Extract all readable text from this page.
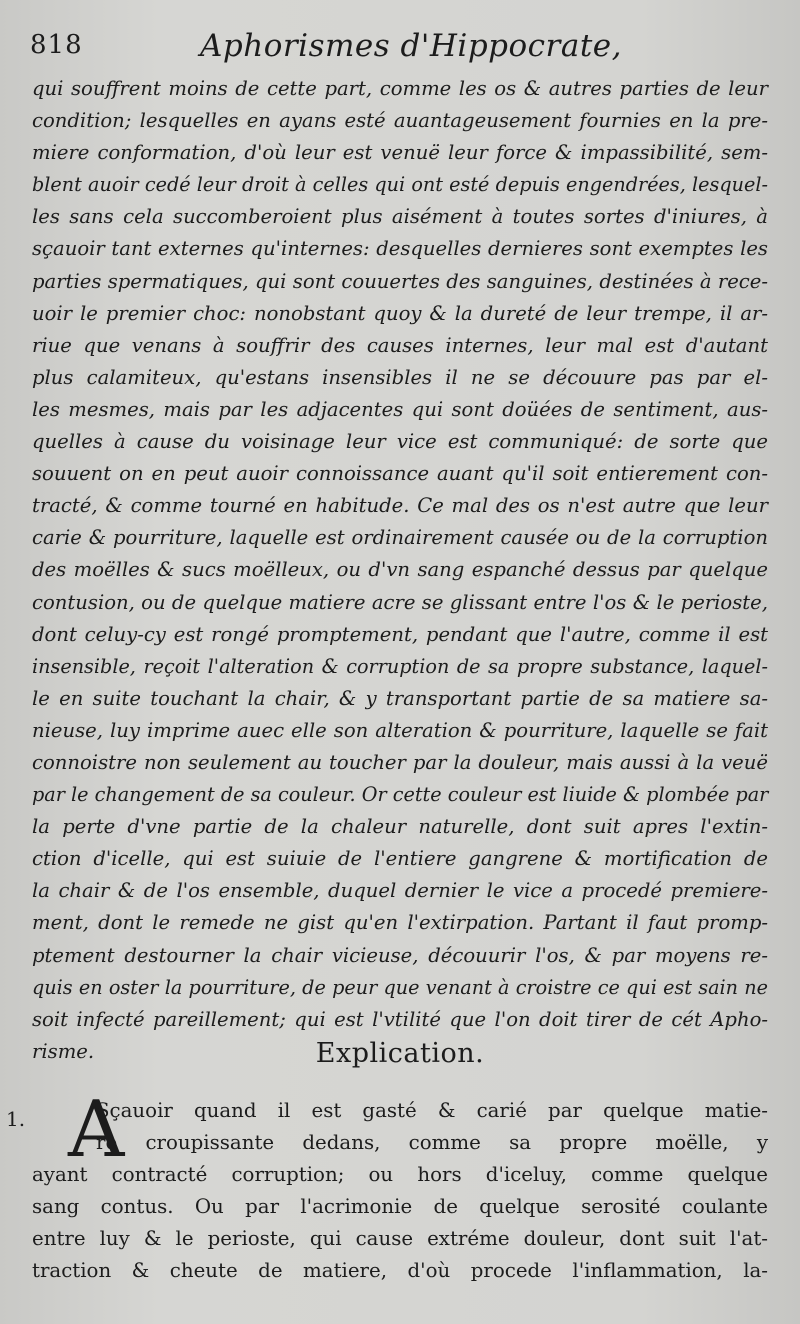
818	Aphorismes d'Hippocrate,
qui souffrent moins de cette part, comme les os & autres parties de leur
condition; lesquelles en ayans esté auantageusement fournies en la pre-
miere conformation, d'où leur est venuë leur force & impassibilité, sem-
blent auoir cedé leur droit à celles qui ont esté depuis engendrées, lesquel-
les sans cela succomberoient plus aisément à toutes sortes d'iniures, à
sçauoir tant externes qu'internes: desquelles dernieres sont exemptes les
parties spermatiques, qui sont couuertes des sanguines, destinées à rece-
uoir le premier choc: nonobstant quoy & la dureté de leur trempe, il ar-
riue que venans à souffrir des causes internes, leur mal est d'autant
plus calamiteux, qu'estans insensibles il ne se découure pas par el-
les mesmes, mais par les adjacentes qui sont doüées de sentiment, aus-
quelles à cause du voisinage leur vice est communiqué: de sorte que
souuent on en peut auoir connoissance auant qu'il soit entierement con-
tracté, & comme tourné en habitude. Ce mal des os n'est autre que leur
carie & pourriture, laquelle est ordinairement causée ou de la corruption
des moëlles & sucs moëlleux, ou d'vn sang espanché dessus par quelque
contusion, ou de quelque matiere acre se glissant entre l'os & le perioste,
dont celuy-cy est rongé promptement, pendant que l'autre, comme il est
insensible, reçoit l'alteration & corruption de sa propre substance, laquel-
le en suite touchant la chair, & y transportant partie de sa matiere sa-
nieuse, luy imprime auec elle son alteration & pourriture, laquelle se fait
connoistre non seulement au toucher par la douleur, mais aussi à la veuë
par le changement de sa couleur. Or cette couleur est liuide & plombée par
la perte d'vne partie de la chaleur naturelle, dont suit apres l'extin-
ction d'icelle, qui est suiuie de l'entiere gangrene & mortification de
la chair & de l'os ensemble, duquel dernier le vice a procedé premiere-
ment, dont le remede ne gist qu'en l'extirpation. Partant il faut promp-
ptement destourner la chair vicieuse, découurir l'os, & par moyens re-
quis en oster la pourriture, de peur que venant à croistre ce qui est sain ne
soit infecté pareillement; qui est l'vtilité que l'on doit tirer de cét Apho-
risme.	Explication.
1. A
Sçauoir quand il est gasté & carié par quelque matie-
re croupissante dedans, comme sa propre moëlle, y
ayant contracté corruption; ou hors d'iceluy, comme quelque
sang contus. Ou par l'acrimonie de quelque serosité coulante
entre luy & le perioste, qui cause extréme douleur, dont suit l'at-
traction & cheute de matiere, d'où procede l'inflammation, la-
